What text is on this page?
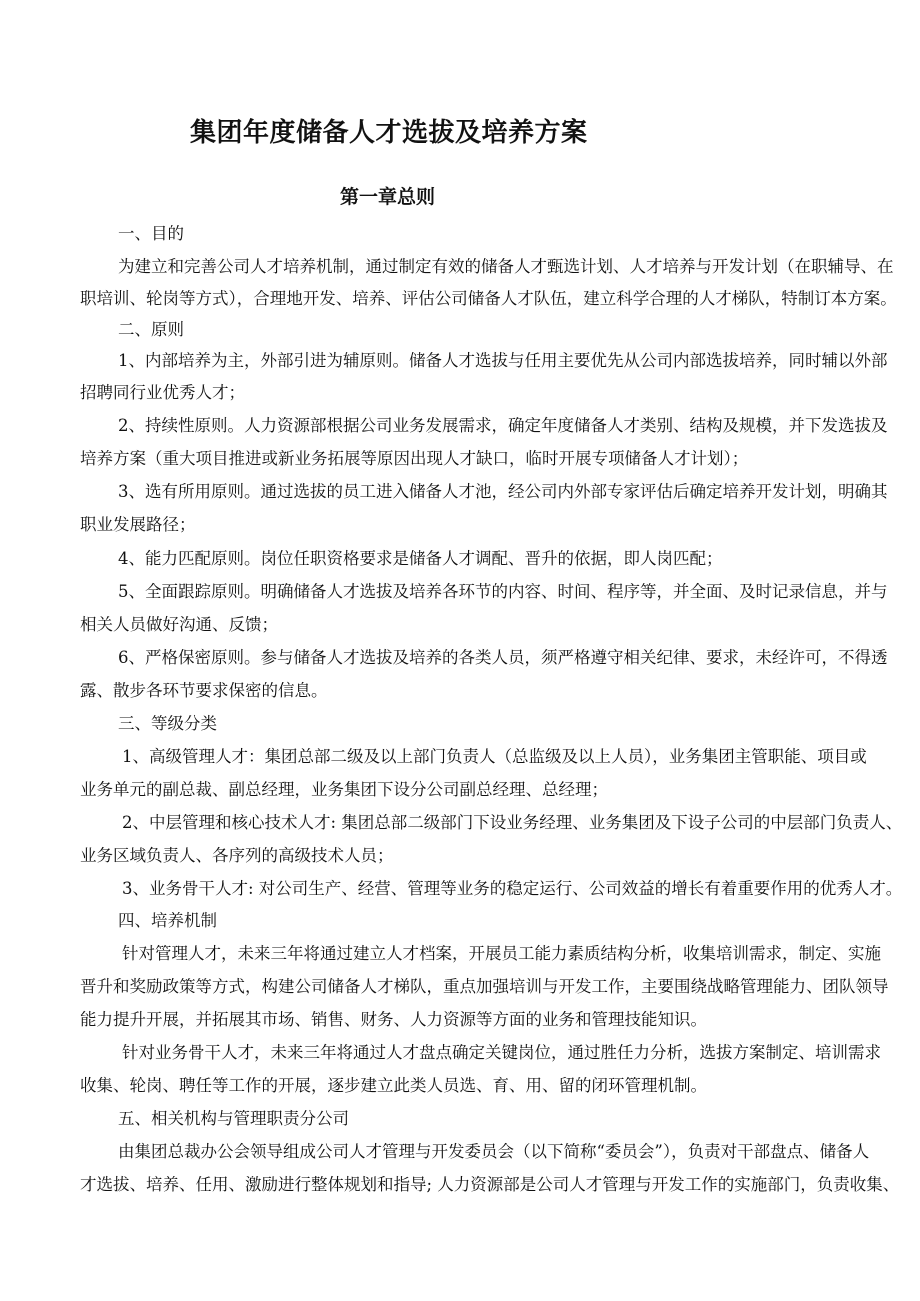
集团年度储备人才选拔及培养方案
第一章总则

一、目的

为建立和完善公司人才培养机制，通过制定有效的储备人才甄选计划、人才培养与开发计划（在职辅导、在

职培训、轮岗等方式），合理地开发、培养、评估公司储备人才队伍，建立科学合理的人才梯队，特制订本方案。

二、原则

1、内部培养为主，外部引进为辅原则。储备人才选拔与任用主要优先从公司内部选拔培养，同时辅以外部

招聘同行业优秀人才；

2、持续性原则。人力资源部根据公司业务发展需求，确定年度储备人才类别、结构及规模，并下发选拔及

培养方案（重大项目推进或新业务拓展等原因出现人才缺口，临时开展专项储备人才计划）；

3、选有所用原则。通过选拔的员工进入储备人才池，经公司内外部专家评估后确定培养开发计划，明确其

职业发展路径；

4、能力匹配原则。岗位任职资格要求是储备人才调配、晋升的依据，即人岗匹配；

5、全面跟踪原则。明确储备人才选拔及培养各环节的内容、时间、程序等，并全面、及时记录信息，并与

相关人员做好沟通、反馈；

6、严格保密原则。参与储备人才选拔及培养的各类人员，须严格遵守相关纪律、要求，未经许可，不得透

露、散步各环节要求保密的信息。

三、等级分类

1、高级管理人才：集团总部二级及以上部门负责人（总监级及以上人员），业务集团主管职能、项目或

业务单元的副总裁、副总经理，业务集团下设分公司副总经理、总经理；

2、中层管理和核心技术人才: 集团总部二级部门下设业务经理、业务集团及下设子公司的中层部门负责人、

业务区域负责人、各序列的高级技术人员；

3、业务骨干人才: 对公司生产、经营、管理等业务的稳定运行、公司效益的增长有着重要作用的优秀人才。

四、培养机制

针对管理人才，未来三年将通过建立人才档案，开展员工能力素质结构分析，收集培训需求，制定、实施

晋升和奖励政策等方式，构建公司储备人才梯队，重点加强培训与开发工作，主要围绕战略管理能力、团队领导

能力提升开展，并拓展其市场、销售、财务、人力资源等方面的业务和管理技能知识。

针对业务骨干人才，未来三年将通过人才盘点确定关键岗位，通过胜任力分析，选拔方案制定、培训需求

收集、轮岗、聘任等工作的开展，逐步建立此类人员选、育、用、留的闭环管理机制。

五、相关机构与管理职责分公司

由集团总裁办公会领导组成公司人才管理与开发委员会（以下简称“委员会”），负责对干部盘点、储备人

才选拔、培养、任用、激励进行整体规划和指导; 人力资源部是公司人才管理与开发工作的实施部门，负责收集、
